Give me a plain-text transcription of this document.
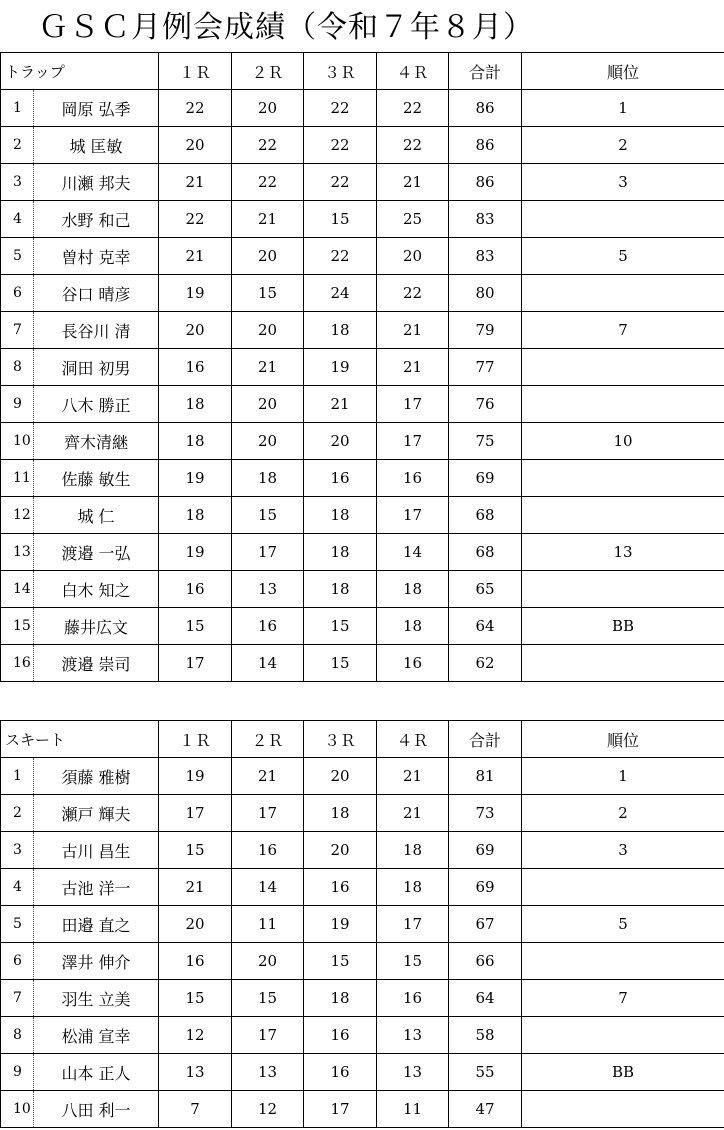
ＧＳＣ月例会成績（令和７年８月）
トラップ		１Ｒ	２Ｒ	３Ｒ	４Ｒ	合計	順位
1	岡原 弘季	22	20	22	22	86	1
2	城 匡敏	20	22	22	22	86	2
3	川瀬 邦夫	21	22	22	21	86	3
4	水野 和己	22	21	15	25	83	
5	曽村 克幸	21	20	22	20	83	5
6	谷口 晴彦	19	15	24	22	80	
7	長谷川 清	20	20	18	21	79	7
8	洞田 初男	16	21	19	21	77	
9	八木 勝正	18	20	21	17	76	
10	齊木清継	18	20	20	17	75	10
11	佐藤 敏生	19	18	16	16	69	
12	城 仁	18	15	18	17	68	
13	渡邉 一弘	19	17	18	14	68	13
14	白木 知之	16	13	18	18	65	
15	藤井広文	15	16	15	18	64	BB
16	渡邉 崇司	17	14	15	16	62	
スキート		１Ｒ	２Ｒ	３Ｒ	４Ｒ	合計	順位
1	須藤 雅樹	19	21	20	21	81	1
2	瀬戸 輝夫	17	17	18	21	73	2
3	古川 昌生	15	16	20	18	69	3
4	古池 洋一	21	14	16	18	69	
5	田邉 直之	20	11	19	17	67	5
6	澤井 伸介	16	20	15	15	66	
7	羽生 立美	15	15	18	16	64	7
8	松浦 宣幸	12	17	16	13	58	
9	山本 正人	13	13	16	13	55	BB
10	八田 利一	7	12	17	11	47	
